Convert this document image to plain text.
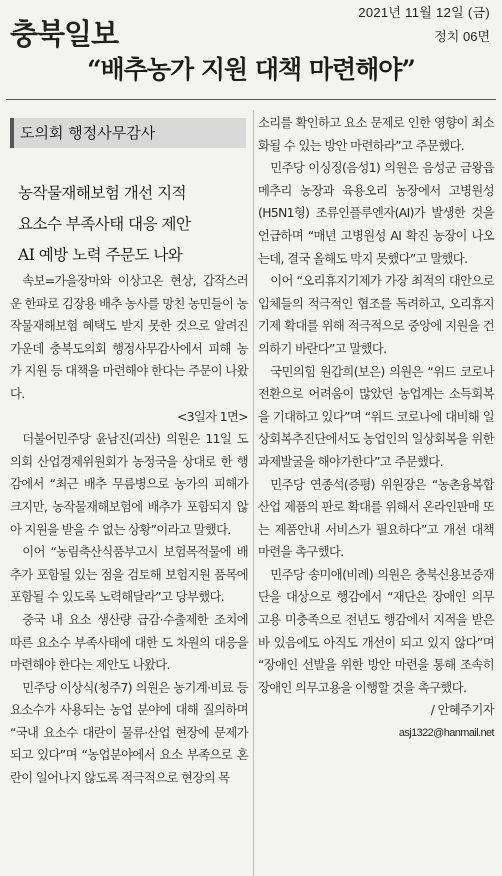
2021년 11월 12일 (금)
충북일보	정치 06면
“배추농가 지원 대책 마련해야”
도의회 행정사무감사
농작물재해보험 개선 지적
요소수 부족사태 대응 제안
AI 예방 노력 주문도 나와

속보=가을장마와 이상고온 현상, 갑작스러운 한파로 김장용 배추 농사를 망친 농민들이 농작물재해보험 혜택도 받지 못한 것으로 알려진 가운데 충북도의회 행정사무감사에서 피해 농가 지원 등 대책을 마련해야 한다는 주문이 나왔다.

<3일자 1면>

더불어민주당 윤남진(괴산) 의원은 11일 도의회 산업경제위원회가 농정국을 상대로 한 행감에서 “최근 배추 무름병으로 농가의 피해가 크지만, 농작물재해보험에 배추가 포함되지 않아 지원을 받을 수 없는 상황”이라고 말했다.

이어 “농림축산식품부고시 보험목적물에 배추가 포함될 있는 점을 검토해 보험지원 품목에 포함될 수 있도록 노력해달라”고 당부했다.

중국 내 요소 생산량 급감·수출제한 조치에 따른 요소수 부족사태에 대한 도 차원의 대응을 마련해야 한다는 제안도 나왔다.

민주당 이상식(청주7) 의원은 농기계·비료 등 요소수가 사용되는 농업 분야에 대해 질의하며 “국내 요소수 대란이 물류·산업 현장에 문제가 되고 있다”며 “농업분야에서 요소 부족으로 혼란이 일어나지 않도록 적극적으로 현장의 목

소리를 확인하고 요소 문제로 인한 영향이 최소화될 수 있는 방안 마련하라”고 주문했다.

민주당 이싱징(음성1) 의원은 음성군 금왕읍 메추리 농장과 육용오리 농장에서 고병원성(H5N1형) 조류인플루엔자(AI)가 발생한 것을 언급하며 “매년 고병원성 AI 확진 농장이 나오는데, 결국 올해도 막지 못했다”고 말했다.

이어 “오리휴지기제가 가장 최적의 대안으로 입체들의 적극적인 협조를 독려하고, 오리휴지기제 확대를 위해 적극적으로 중앙에 지원을 건의하기 바란다”고 말했다.

국민의힘 원갑희(보은) 의원은 “위드 코로나 전환으로 어려움이 많았던 농업계는 소득회복을 기대하고 있다”며 “위드 코로나에 대비해 일상회복추진단에서도 농업인의 일상회복을 위한 과제발굴을 해야가한다”고 주문했다.

민주당 연종석(증평) 위원장은 “농촌융복합산업 제품의 판로 확대를 위해서 온라인판매 또는 제품안내 서비스가 필요하다”고 개선 대책 마련을 촉구했다.

민주당 송미애(비례) 의원은 충북신용보증재단을 대상으로 행감에서 “재단은 장애인 의무고용 미충족으로 전년도 행감에서 지적을 받은 바 있음에도 아직도 개선이 되고 있지 않다”며 “장애인 선발을 위한 방안 마련을 통해 조속히 장애인 의무고용을 이행할 것을 촉구했다.

/ 안혜주기자

asj1322@hanmail.net
